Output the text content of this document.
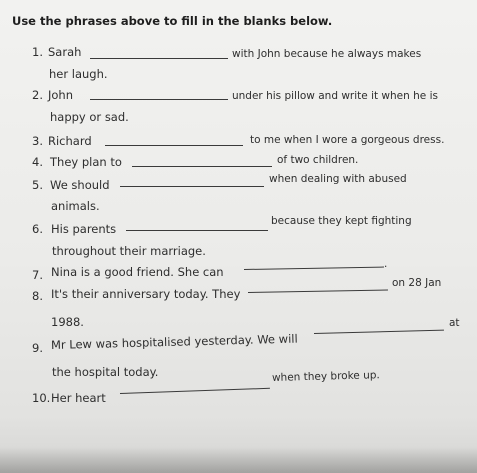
Use the phrases above to fill in the blanks below.
1. Sarah	with John because he always makes
her laugh.
2. John	under his pillow and write it when he is
happy or sad.
3. Richard	to me when I wore a gorgeous dress.
4. They plan to	of two children.
5. We should	when dealing with abused
animals.
6. His parents
because they kept fighting
throughout their marriage.
7. Nina is a good friend. She can
.
8. It's their anniversary today. They
on 28 Jan
1988.
9. Mr Lew was hospitalised yesterday. We will
at
the hospital today.
10. Her heart
when they broke up.
